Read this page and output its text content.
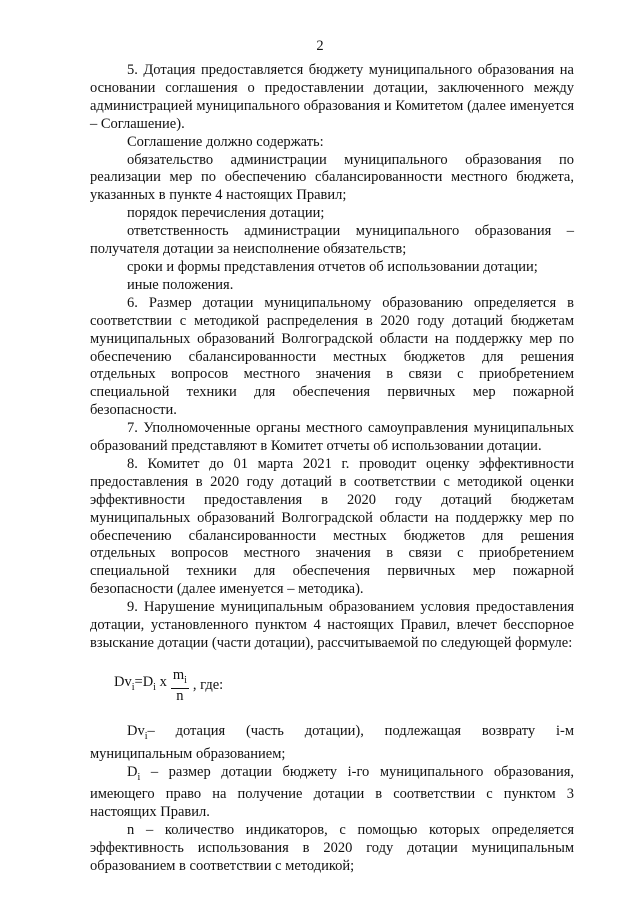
2

5. Дотация предоставляется бюджету муниципального образования на основании соглашения о предоставлении дотации, заключенного между администрацией муниципального образования и Комитетом (далее именуется – Соглашение).

Соглашение должно содержать:

обязательство администрации муниципального образования по реализации мер по обеспечению сбалансированности местного бюджета, указанных в пункте 4 настоящих Правил;

порядок перечисления дотации;

ответственность администрации муниципального образования – получателя дотации за неисполнение обязательств;

сроки и формы представления отчетов об использовании дотации;

иные положения.

6. Размер дотации муниципальному образованию определяется в соответствии с методикой распределения в 2020 году дотаций бюджетам муниципальных образований Волгоградской области на поддержку мер по обеспечению сбалансированности местных бюджетов для решения отдельных вопросов местного значения в связи с приобретением специальной техники для обеспечения первичных мер пожарной безопасности.

7. Уполномоченные органы местного самоуправления муниципальных образований представляют в Комитет отчеты об использовании дотации.

8. Комитет до 01 марта 2021 г. проводит оценку эффективности предоставления в 2020 году дотаций в соответствии с методикой оценки эффективности предоставления в 2020 году дотаций бюджетам муниципальных образований Волгоградской области на поддержку мер по обеспечению сбалансированности местных бюджетов для решения отдельных вопросов местного значения в связи с приобретением специальной техники для обеспечения первичных мер пожарной безопасности (далее именуется – методика).

9. Нарушение муниципальным образованием условия предоставления дотации, установленного пунктом 4 настоящих Правил, влечет бесспорное взыскание дотации (части дотации), рассчитываемой по следующей формуле:

$Dv_i =D_i$ x $\frac{m_i}{n}$ , где:

$Dv_i-$ дотация (часть дотации), подлежащая возврату i-м муниципальным образованием;

$D_i$ – размер дотации бюджету i-го муниципального образования, имеющего право на получение дотации в соответствии с пунктом 3 настоящих Правил.

n – количество индикаторов, с помощью которых определяется эффективность использования в 2020 году дотации муниципальным образованием в соответствии с методикой;
